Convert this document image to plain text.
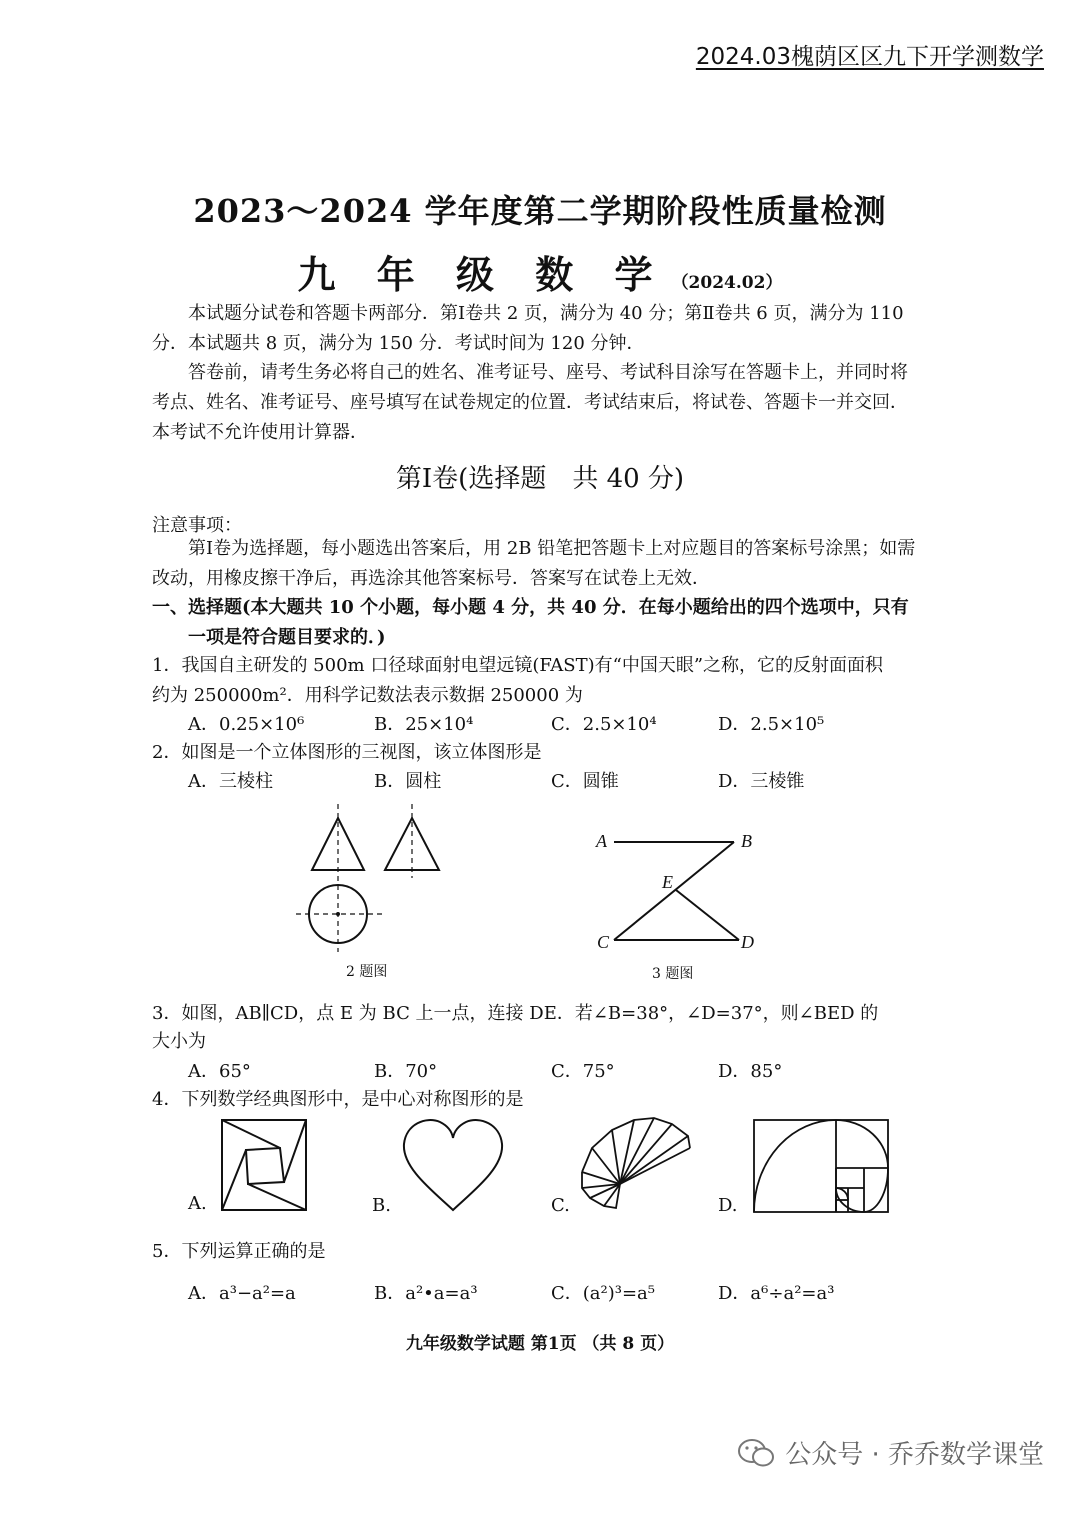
2024.03槐荫区区九下开学测数学
2023～2024 学年度第二学期阶段性质量检测
九 年 级 数 学 （2024.02）
本试题分试卷和答题卡两部分．第Ⅰ卷共 2 页，满分为 40 分；第Ⅱ卷共 6 页，满分为 110 分．本试题共 8 页，满分为 150 分．考试时间为 120 分钟．
答卷前，请考生务必将自己的姓名、准考证号、座号、考试科目涂写在答题卡上，并同时将考点、姓名、准考证号、座号填写在试卷规定的位置．考试结束后，将试卷、答题卡一并交回．本考试不允许使用计算器．
第Ⅰ卷(选择题　共 40 分)
注意事项：
第Ⅰ卷为选择题，每小题选出答案后，用 2B 铅笔把答题卡上对应题目的答案标号涂黑；如需改动，用橡皮擦干净后，再选涂其他答案标号．答案写在试卷上无效．
一、选择题(本大题共 10 个小题，每小题 4 分，共 40 分．在每小题给出的四个选项中，只有
一项是符合题目要求的．)
1．我国自主研发的 500m 口径球面射电望远镜(FAST)有“中国天眼”之称，它的反射面面积
约为 250000m²．用科学记数法表示数据 250000 为
A．0.25×10⁶	B．25×10⁴	C．2.5×10⁴	D．2.5×10⁵
2．如图是一个立体图形的三视图，该立体图形是
A．三棱柱	B．圆柱	C．圆锥	D．三棱锥
2 题图
A	B
E
C	D
3 题图
3．如图，AB∥CD，点 E 为 BC 上一点，连接 DE．若∠B=38°，∠D=37°，则∠BED 的
大小为
A．65°	B．70°	C．75°	D．85°
4．下列数学经典图形中，是中心对称图形的是
A.	B.	C.	D.
5．下列运算正确的是
A．a³−a²=a	B．a²•a=a³	C．(a²)³=a⁵	D．a⁶÷a²=a³
九年级数学试题 第1页 （共 8 页）
公众号 · 乔乔数学课堂
